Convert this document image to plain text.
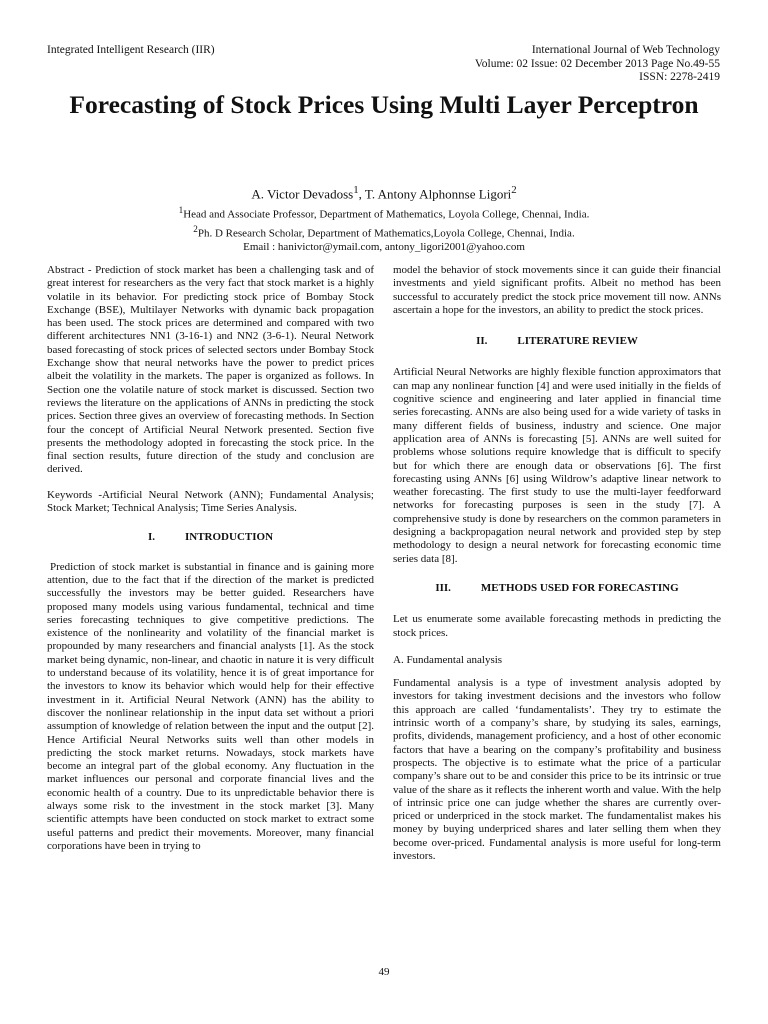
Integrated Intelligent Research (IIR)	International Journal of Web Technology
Volume: 02 Issue: 02 December 2013 Page No.49-55
ISSN: 2278-2419
Forecasting of Stock Prices Using Multi Layer Perceptron
A. Victor Devadoss$^1$, T. Antony Alphonnse Ligori$^2$
$^1$Head and Associate Professor, Department of Mathematics, Loyola College, Chennai, India.
$^2$Ph. D Research Scholar, Department of Mathematics,Loyola College, Chennai, India.
Email : hanivictor@ymail.com, antony_ligori2001@yahoo.com

Abstract - Prediction of stock market has been a challenging task and of great interest for researchers as the very fact that stock market is a highly volatile in its behavior. For predicting stock price of Bombay Stock Exchange (BSE), Multilayer Networks with dynamic back propagation has been used. The stock prices are determined and compared with two different architectures NN1 (3-16-1) and NN2 (3-6-1). Neural Network based forecasting of stock prices of selected sectors under Bombay Stock Exchange show that neural networks have the power to predict prices albeit the volatility in the markets. The paper is organized as follows. In Section one the volatile nature of stock market is discussed. Section two reviews the literature on the applications of ANNs in predicting the stock prices. Section three gives an overview of forecasting methods. In Section four the concept of Artificial Neural Network presented. Section five presents the methodology adopted in forecasting the stock price. In the final section results, future direction of the study and conclusion are derived.

Keywords -Artificial Neural Network (ANN); Fundamental Analysis; Stock Market; Technical Analysis; Time Series Analysis.

I.	INTRODUCTION

Prediction of stock market is substantial in finance and is gaining more attention, due to the fact that if the direction of the market is predicted successfully the investors may be better guided. Researchers have proposed many models using various fundamental, technical and time series forecasting techniques to give competitive predictions. The existence of the nonlinearity and volatility of the financial market is propounded by many researchers and financial analysts [1]. As the stock market being dynamic, non-linear, and chaotic in nature it is very difficult to understand because of its volatility, hence it is of great importance for the investors to know its behavior which would help for their effective investment in it. Artificial Neural Network (ANN) has the ability to discover the nonlinear relationship in the input data set without a priori assumption of knowledge of relation between the input and the output [2]. Hence Artificial Neural Networks suits well than other models in predicting the stock market returns. Nowadays, stock markets have become an integral part of the global economy. Any fluctuation in the market influences our personal and corporate financial lives and the economic health of a country. Due to its unpredictable behavior there is always some risk to the investment in the stock market [3]. Many scientific attempts have been conducted on stock market to extract some useful patterns and predict their movements. Moreover, many financial corporations have been in trying to

model the behavior of stock movements since it can guide their financial investments and yield significant profits. Albeit no method has been successful to accurately predict the stock price movement till now. ANNs ascertain a hope for the investors, an ability to predict the stock prices.

II.	LITERATURE REVIEW

Artificial Neural Networks are highly flexible function approximators that can map any nonlinear function [4] and were used initially in the fields of cognitive science and engineering and later applied in financial time series forecasting. ANNs are also being used for a wide variety of tasks in many different fields of business, industry and science. One major application area of ANNs is forecasting [5]. ANNs are well suited for problems whose solutions require knowledge that is difficult to specify but for which there are enough data or observations [6]. The first forecasting using ANNs [6] using Wildrow’s adaptive linear network to weather forecasting. The first study to use the multi-layer feedforward networks for forecasting purposes is seen in the study [7]. A comprehensive study is done by researchers on the common parameters in designing a backpropagation neural network and provided step by step methodology to design a neural network for forecasting economic time series data [8].

III.	METHODS USED FOR FORECASTING

Let us enumerate some available forecasting methods in predicting the stock prices.

A. Fundamental analysis

Fundamental analysis is a type of investment analysis adopted by investors for taking investment decisions and the investors who follow this approach are called ‘fundamentalists’. They try to estimate the intrinsic worth of a company’s share, by studying its sales, earnings, profits, dividends, management proficiency, and a host of other economic factors that have a bearing on the company’s profitability and business prospects. The objective is to estimate what the price of a particular company’s share out to be and consider this price to be its intrinsic or true value of the share as it reflects the inherent worth and value. With the help of intrinsic price one can judge whether the shares are currently over-priced or underpriced in the stock market. The fundamentalist makes his money by buying underpriced shares and later selling them when they become over-priced. Fundamental analysis is more useful for long-term investors.

49
